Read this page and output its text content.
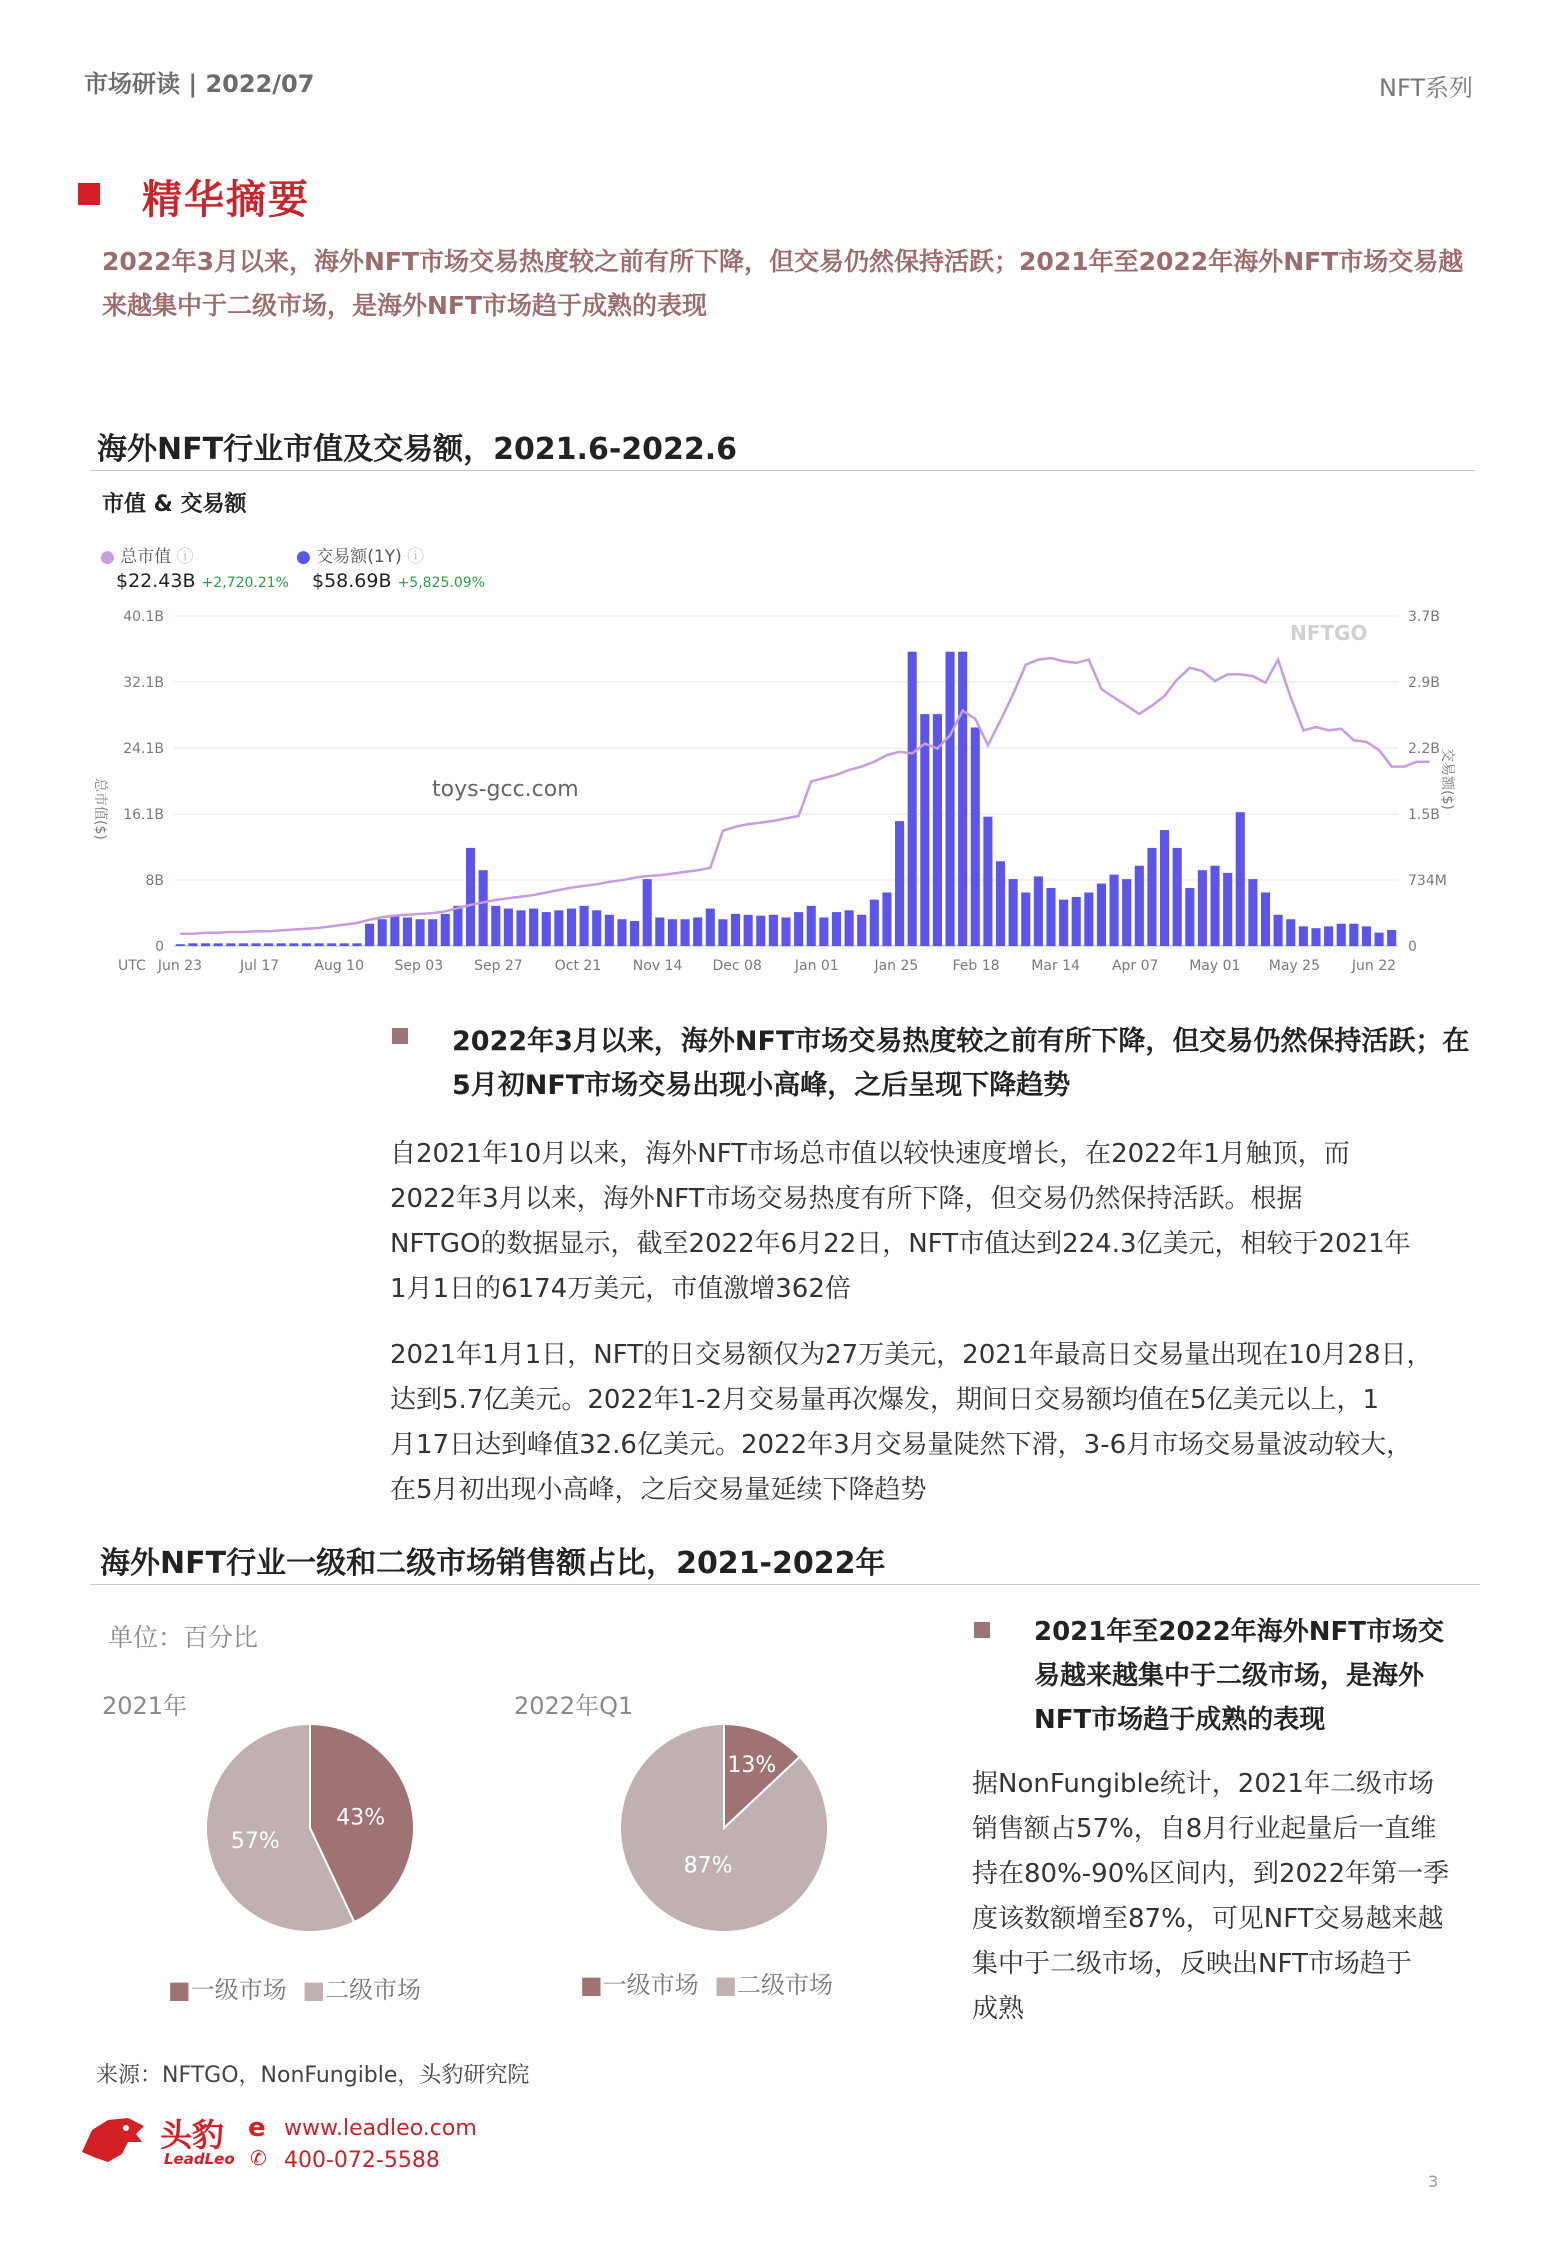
市场研读 | 2022/07	NFT系列
精华摘要
2022年3月以来，海外NFT市场交易热度较之前有所下降，但交易仍然保持活跃；2021年至2022年海外NFT市场交易越来越集中于二级市场，是海外NFT市场趋于成熟的表现
海外NFT行业市值及交易额，2021.6-2022.6
市值 & 交易额
● 总市值 ⓘ
$22.43B +2,720.21%
● 交易额(1Y) ⓘ
$58.69B +5,825.09%
0	0
8B	734M
16.1B	1.5B
24.1B	2.2B
32.1B	2.9B
40.1B	3.7B
UTC Jun 23	Jul 17	Aug 10 Sep 03 Sep 27 Oct 21 Nov 14 Dec 08 Jan 01	Jan 25 Feb 18 Mar 14 Apr 07 May 01 May 25 Jun 22
总市值($)	交易额($)
NFTGO
toys-gcc.com
2022年3月以来，海外NFT市场交易热度较之前有所下降，但交易仍然保持活跃；在5月初NFT市场交易出现小高峰，之后呈现下降趋势
自2021年10月以来，海外NFT市场总市值以较快速度增长，在2022年1月触顶，而
2022年3月以来，海外NFT市场交易热度有所下降，但交易仍然保持活跃。根据
NFTGO的数据显示，截至2022年6月22日，NFT市值达到224.3亿美元，相较于2021年
1月1日的6174万美元，市值激增362倍
2021年1月1日，NFT的日交易额仅为27万美元，2021年最高日交易量出现在10月28日，
达到5.7亿美元。2022年1-2月交易量再次爆发，期间日交易额均值在5亿美元以上，1
月17日达到峰值32.6亿美元。2022年3月交易量陡然下滑，3-6月市场交易量波动较大，
在5月初出现小高峰，之后交易量延续下降趋势
海外NFT行业一级和二级市场销售额占比，2021-2022年
单位：百分比
2021年	2022年Q1
43%
57%
13%
87%
■一级市场 ■二级市场	■一级市场 ■二级市场
2021年至2022年海外NFT市场交
易越来越集中于二级市场，是海外
NFT市场趋于成熟的表现
据NonFungible统计，2021年二级市场
销售额占57%，自8月行业起量后一直维
持在80%-90%区间内，到2022年第一季
度该数额增至87%，可见NFT交易越来越
集中于二级市场，反映出NFT市场趋于
成熟
来源：NFTGO，NonFungible，头豹研究院
头豹
LeadLeo
e www.leadleo.com
✆ 400-072-5588
3
